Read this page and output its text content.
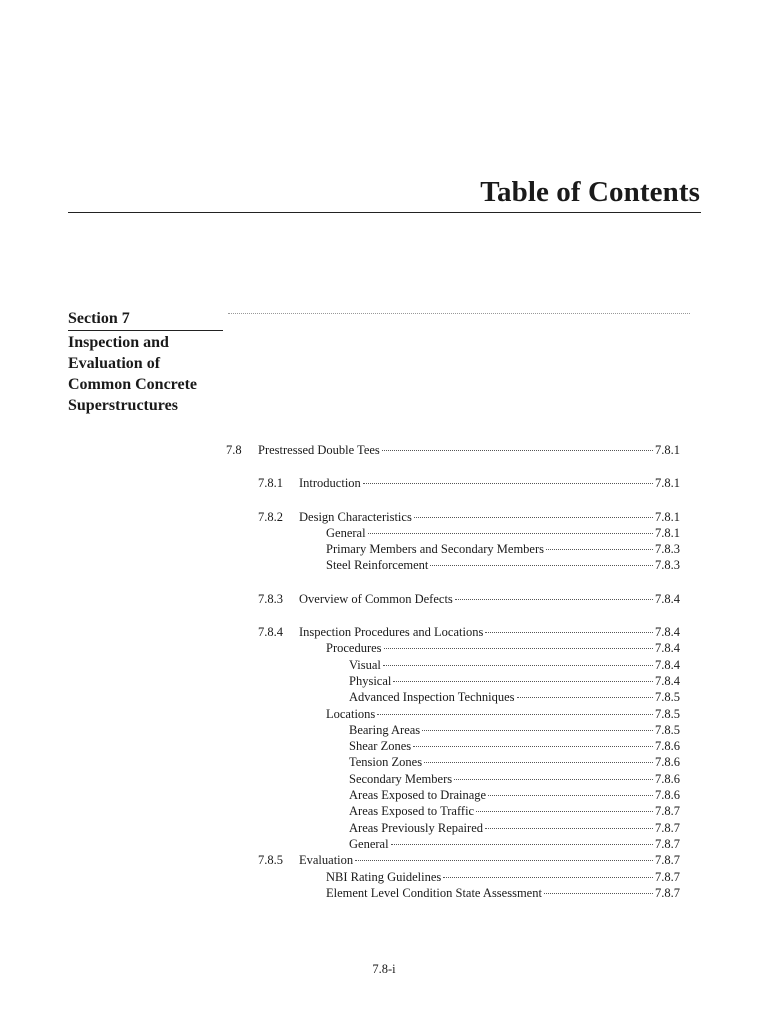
Table of Contents
Section 7
Inspection and
Evaluation of
Common Concrete
Superstructures
7.8	Prestressed Double Tees	7.8.1
7.8.1	Introduction	7.8.1
7.8.2	Design Characteristics	7.8.1
General	7.8.1
Primary Members and Secondary Members	7.8.3
Steel Reinforcement	7.8.3
7.8.3	Overview of Common Defects	7.8.4
7.8.4	Inspection Procedures and Locations	7.8.4
Procedures	7.8.4
Visual	7.8.4
Physical	7.8.4
Advanced Inspection Techniques	7.8.5
Locations	7.8.5
Bearing Areas	7.8.5
Shear Zones	7.8.6
Tension Zones	7.8.6
Secondary Members	7.8.6
Areas Exposed to Drainage	7.8.6
Areas Exposed to Traffic	7.8.7
Areas Previously Repaired	7.8.7
General	7.8.7
7.8.5	Evaluation	7.8.7
NBI Rating Guidelines	7.8.7
Element Level Condition State Assessment	7.8.7
7.8-i
